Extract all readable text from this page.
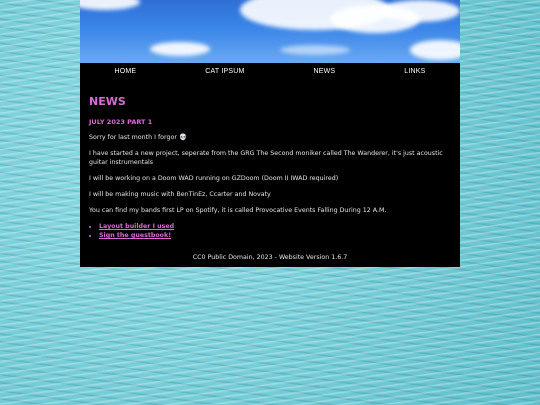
HOME	CAT IPSUM	NEWS	LINKS
NEWS
JULY 2023 PART 1
Sorry for last month I forgor 💀
I have started a new project, seperate from the GRG The Second moniker called The Wanderer, it's just acoustic guitar instrumentals
I will be working on a Doom WAD running on GZDoom (Doom II IWAD required)
I will be making music with BenTinEz, Ccarter and Novaty
You can find my bands first LP on Spotify, it is called Provocative Events Falling During 12 A.M.
• Layout builder I used
• Sign the guestbook!
CC0 Public Domain, 2023 - Website Version 1.6.7
